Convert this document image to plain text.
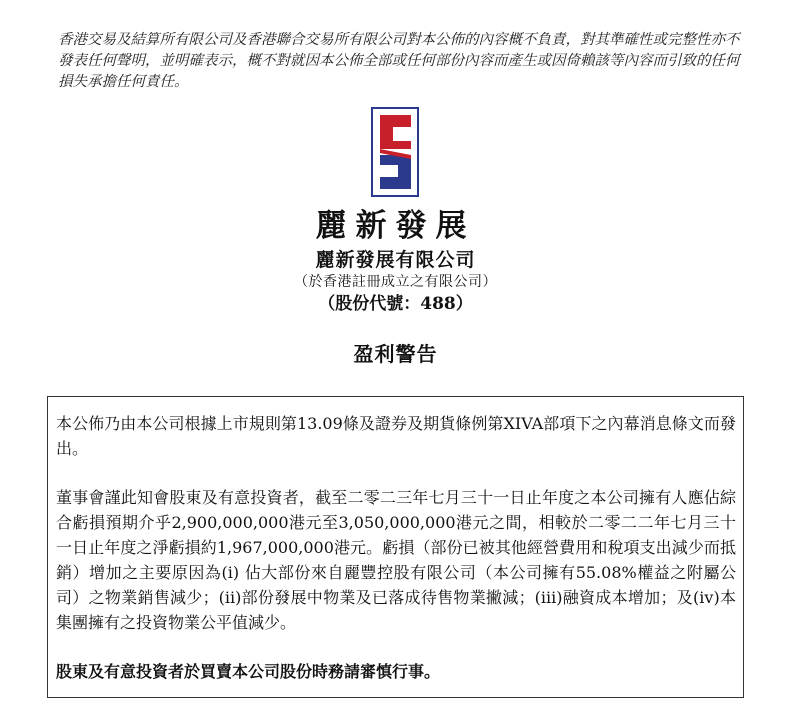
香港交易及結算所有限公司及香港聯合交易所有限公司對本公佈的內容概不負責，對其準確性或完整性亦不發表任何聲明，並明確表示，概不對就因本公佈全部或任何部份內容而產生或因倚賴該等內容而引致的任何損失承擔任何責任。
麗新發展
麗新發展有限公司
（於香港註冊成立之有限公司）
（股份代號：488）
盈利警告

本公佈乃由本公司根據上市規則第13.09條及證券及期貨條例第XIVA部項下之內幕消息條文而發出。

董事會謹此知會股東及有意投資者，截至二零二三年七月三十一日止年度之本公司擁有人應佔綜合虧損預期介乎2,900,000,000港元至3,050,000,000港元之間，相較於二零二二年七月三十一日止年度之淨虧損約1,967,000,000港元。虧損（部份已被其他經營費用和稅項支出減少而抵銷）增加之主要原因為(i) 佔大部份來自麗豐控股有限公司（本公司擁有55.08%權益之附屬公司）之物業銷售減少；(ii)部份發展中物業及已落成待售物業撇減；(iii)融資成本增加；及(iv)本集團擁有之投資物業公平值減少。

股東及有意投資者於買賣本公司股份時務請審慎行事。
